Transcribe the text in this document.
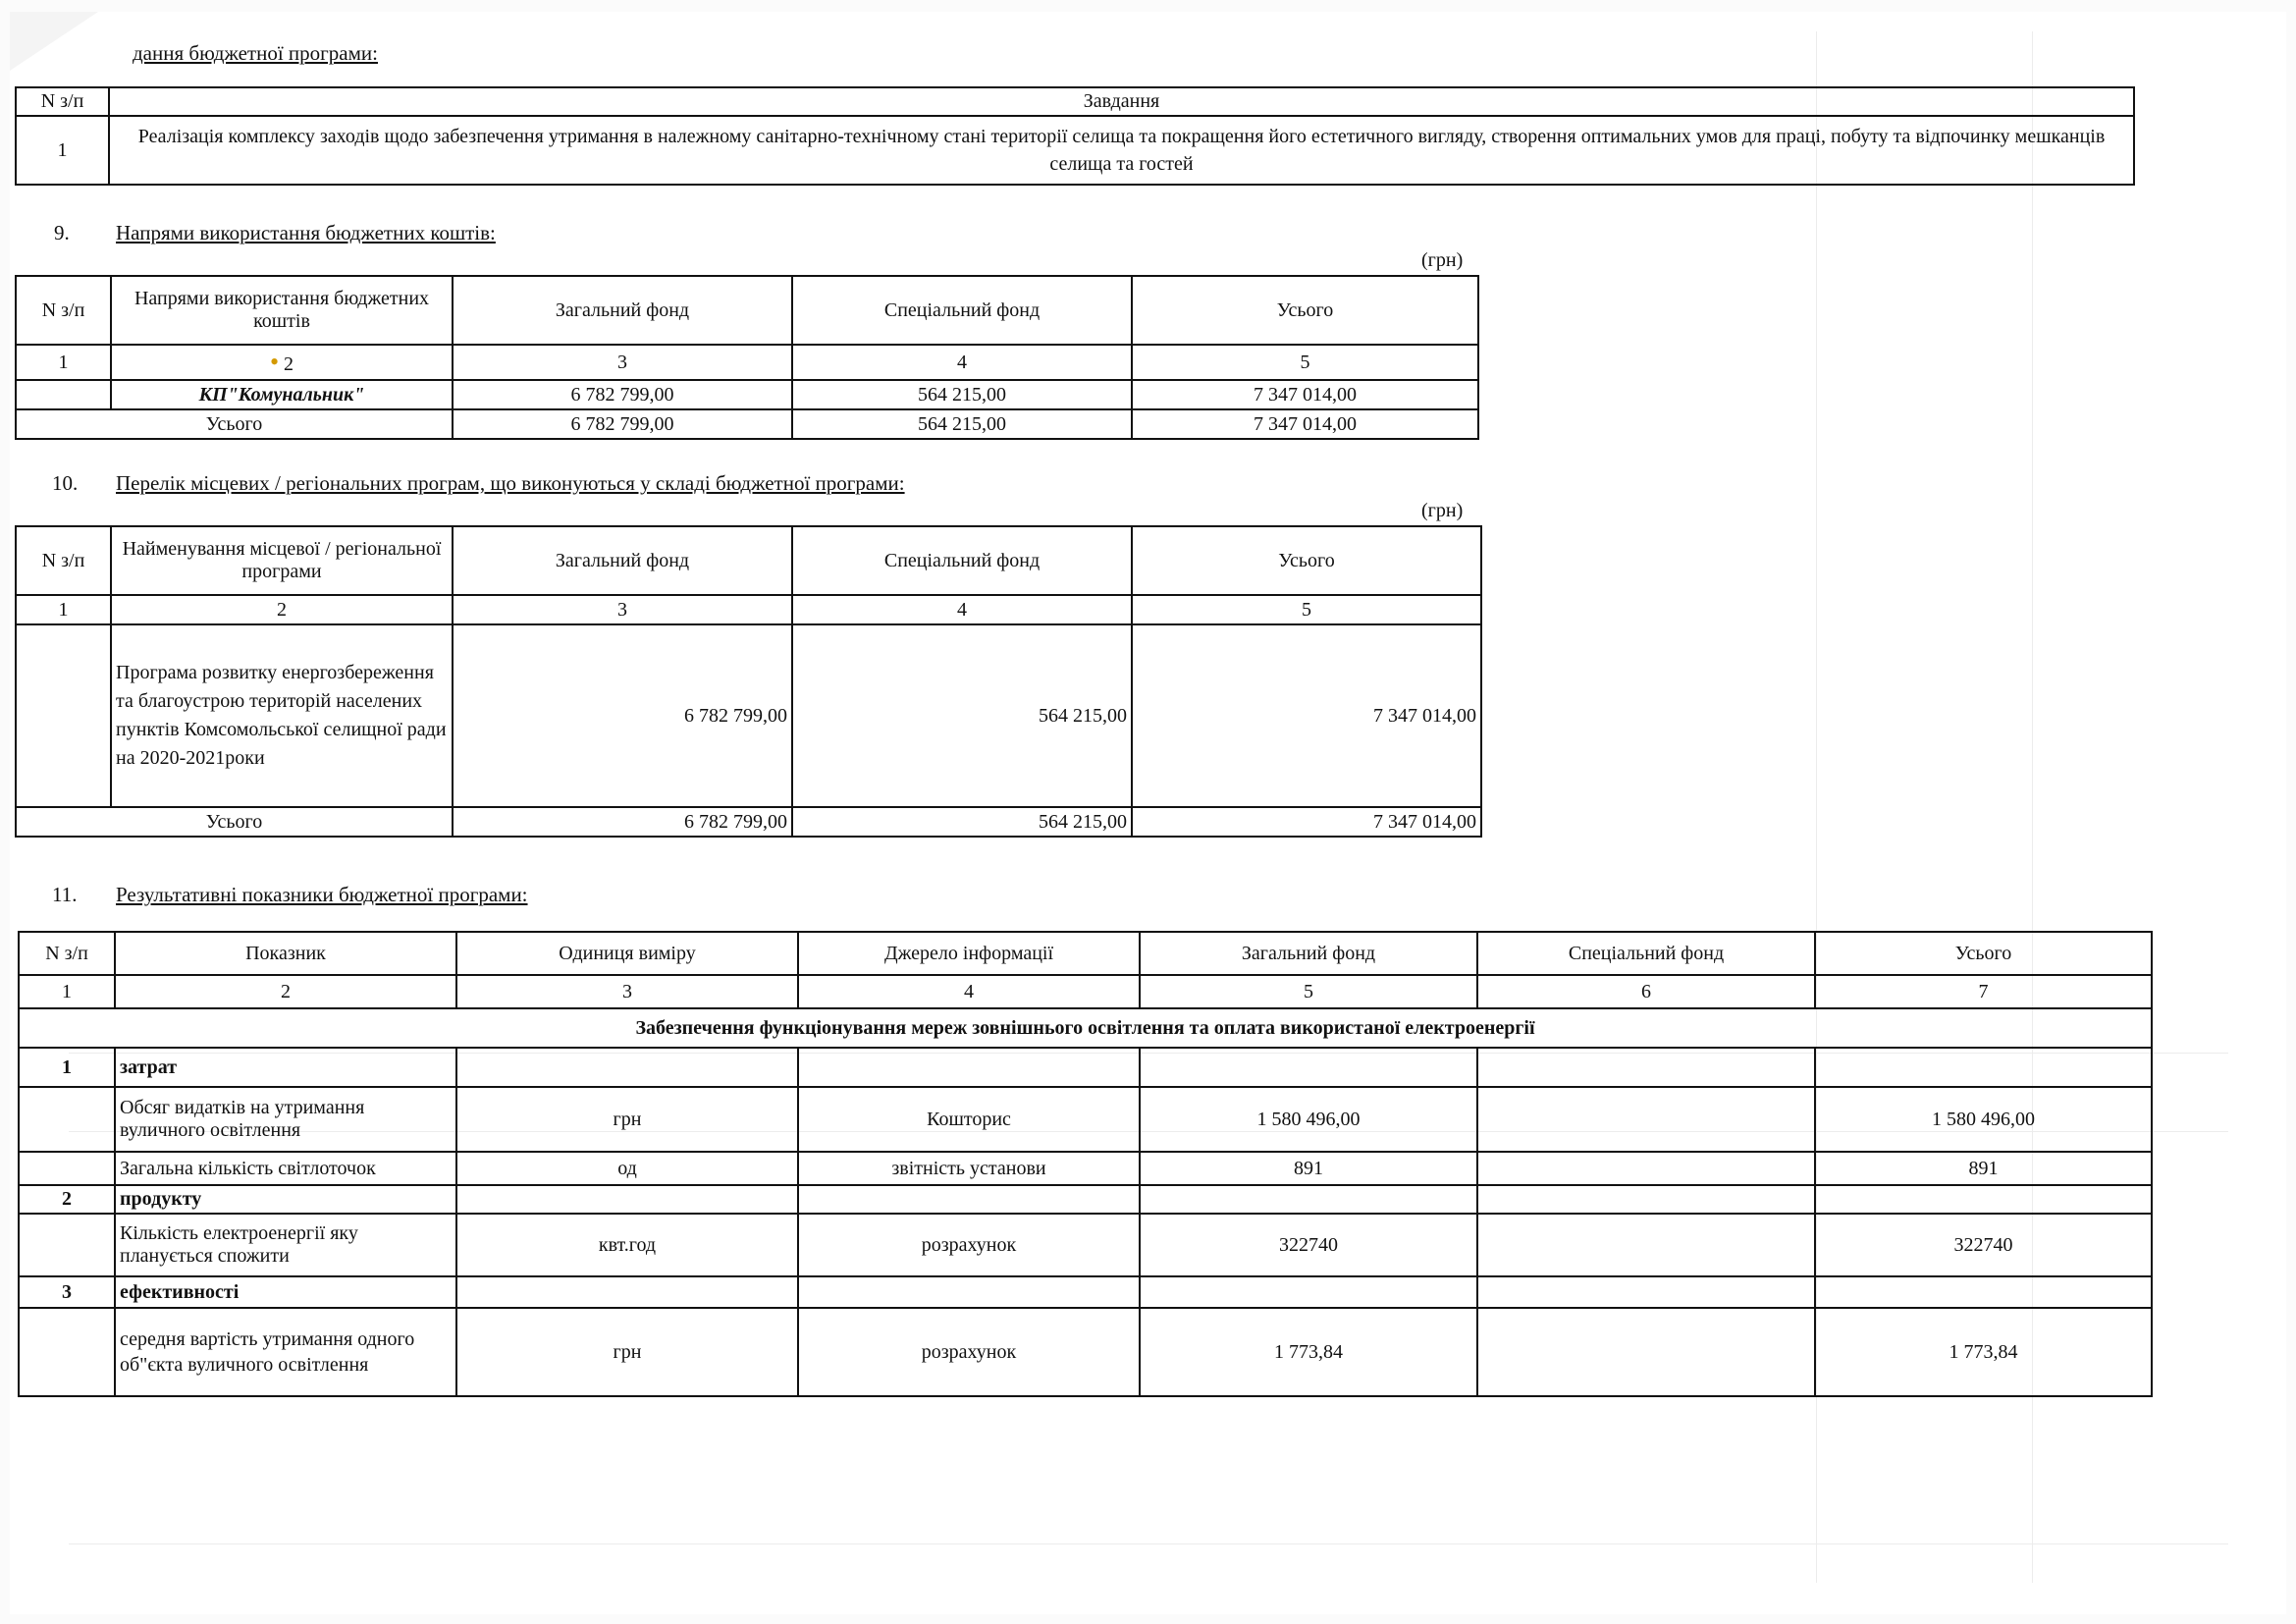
дання бюджетної програми:
N з/п	Завдання
1	Реалізація комплексу заходів щодо забезпечення утримання в належному санітарно-технічному стані території селища та покращення його естетичного вигляду, створення оптимальних умов для праці, побуту та відпочинку мешканців селища та гостей
9. Напрями використання бюджетних коштів:
(грн)
N з/п	Напрями використання бюджетних коштів	Загальний фонд	Спеціальний фонд	Усього
1	• 2	3	4	5
	КП"Комунальник"	6 782 799,00	564 215,00	7 347 014,00
Усього		6 782 799,00	564 215,00	7 347 014,00
10. Перелік місцевих / регіональних програм, що виконуються у складі бюджетної програми:
(грн)
N з/п	Найменування місцевої / регіональної програми	Загальний фонд	Спеціальний фонд	Усього
1	2	3	4	5
	Програма розвитку енергозбереження та благоустрою територій населених пунктів Комсомольської селищної ради на 2020-2021роки	6 782 799,00	564 215,00	7 347 014,00
Усього		6 782 799,00	564 215,00	7 347 014,00
11. Результативні показники бюджетної програми:
N з/п	Показник	Одиниця виміру	Джерело інформації	Загальний фонд	Спеціальний фонд	Усього
1	2	3	4	5	6	7
Забезпечення функціонування мереж зовнішнього освітлення та оплата використаної електроенергії						
1	затрат					
	Обсяг видатків на утримання вуличного освітлення	грн	Кошторис	1 580 496,00		1 580 496,00
	Загальна кількість світлоточок	од	звітність установи	891		891
2	продукту					
	Кількість електроенергії яку планується спожити	квт.год	розрахунок	322740		322740
3	ефективності					
	середня вартість утримання одного об"єкта вуличного освітлення	грн	розрахунок	1 773,84		1 773,84
